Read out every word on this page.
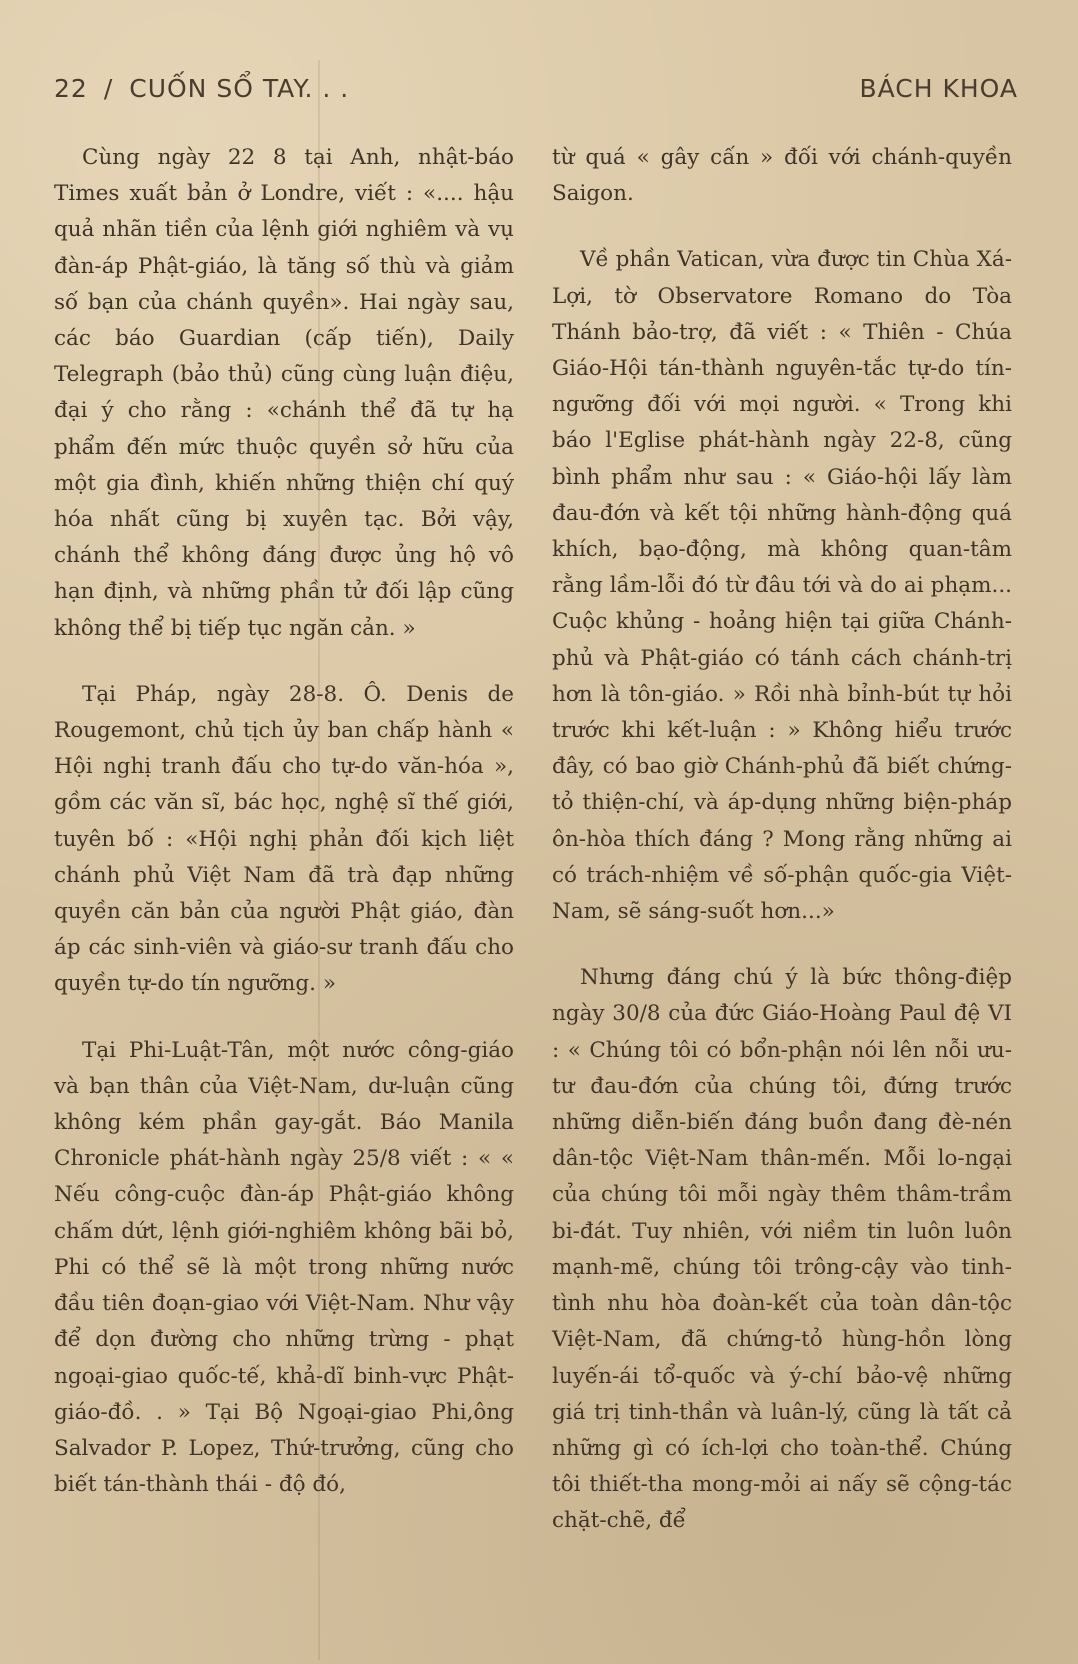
22 / CUỐN SỔ TAY. . .	BÁCH KHOA

Cùng ngày 22 8 tại Anh, nhật-báo Times xuất bản ở Londre, viết : «.... hậu quả nhãn tiền của lệnh giới nghiêm và vụ đàn-áp Phật-giáo, là tăng số thù và giảm số bạn của chánh quyền». Hai ngày sau, các báo Guardian (cấp tiến), Daily Telegraph (bảo thủ) cũng cùng luận điệu, đại ý cho rằng : «chánh thể đã tự hạ phẩm đến mức thuộc quyền sở hữu của một gia đình, khiến những thiện chí quý hóa nhất cũng bị xuyên tạc. Bởi vậy, chánh thể không đáng được ủng hộ vô hạn định, và những phần tử đối lập cũng không thể bị tiếp tục ngăn cản. »

Tại Pháp, ngày 28-8. Ô. Denis de Rougemont, chủ tịch ủy ban chấp hành « Hội nghị tranh đấu cho tự-do văn-hóa », gồm các văn sĩ, bác học, nghệ sĩ thế giới, tuyên bố : «Hội nghị phản đối kịch liệt chánh phủ Việt Nam đã trà đạp những quyền căn bản của người Phật giáo, đàn áp các sinh-viên và giáo-sư tranh đấu cho quyền tự-do tín ngưỡng. »

Tại Phi-Luật-Tân, một nước công-giáo và bạn thân của Việt-Nam, dư-luận cũng không kém phần gay-gắt. Báo Manila Chronicle phát-hành ngày 25/8 viết : « « Nếu công-cuộc đàn-áp Phật-giáo không chấm dứt, lệnh giới-nghiêm không bãi bỏ, Phi có thể sẽ là một trong những nước đầu tiên đoạn-giao với Việt-Nam. Như vậy để dọn đường cho những trừng - phạt ngoại-giao quốc-tế, khả-dĩ binh-vực Phật-giáo-đồ. . » Tại Bộ Ngoại-giao Phi,ông Salvador P. Lopez, Thứ-trưởng, cũng cho biết tán-thành thái - độ đó,

từ quá « gây cấn » đối với chánh-quyền Saigon.

Về phần Vatican, vừa được tin Chùa Xá-Lợi, tờ Observatore Romano do Tòa Thánh bảo-trợ, đã viết : « Thiên - Chúa Giáo-Hội tán-thành nguyên-tắc tự-do tín-ngưỡng đối với mọi người. « Trong khi báo l'Eglise phát-hành ngày 22-8, cũng bình phẩm như sau : « Giáo-hội lấy làm đau-đớn và kết tội những hành-động quá khích, bạo-động, mà không quan-tâm rằng lầm-lỗi đó từ đâu tới và do ai phạm... Cuộc khủng - hoảng hiện tại giữa Chánh-phủ và Phật-giáo có tánh cách chánh-trị hơn là tôn-giáo. » Rồi nhà bỉnh-bút tự hỏi trước khi kết-luận : » Không hiểu trước đây, có bao giờ Chánh-phủ đã biết chứng-tỏ thiện-chí, và áp-dụng những biện-pháp ôn-hòa thích đáng ? Mong rằng những ai có trách-nhiệm về số-phận quốc-gia Việt-Nam, sẽ sáng-suốt hơn...»

Nhưng đáng chú ý là bức thông-điệp ngày 30/8 của đức Giáo-Hoàng Paul đệ VI : « Chúng tôi có bổn-phận nói lên nỗi ưu-tư đau-đớn của chúng tôi, đứng trước những diễn-biến đáng buồn đang đè-nén dân-tộc Việt-Nam thân-mến. Mỗi lo-ngại của chúng tôi mỗi ngày thêm thâm-trầm bi-đát. Tuy nhiên, với niềm tin luôn luôn mạnh-mẽ, chúng tôi trông-cậy vào tinh-tình nhu hòa đoàn-kết của toàn dân-tộc Việt-Nam, đã chứng-tỏ hùng-hồn lòng luyến-ái tổ-quốc và ý-chí bảo-vệ những giá trị tinh-thần và luân-lý, cũng là tất cả những gì có ích-lợi cho toàn-thể. Chúng tôi thiết-tha mong-mỏi ai nấy sẽ cộng-tác chặt-chẽ, để
